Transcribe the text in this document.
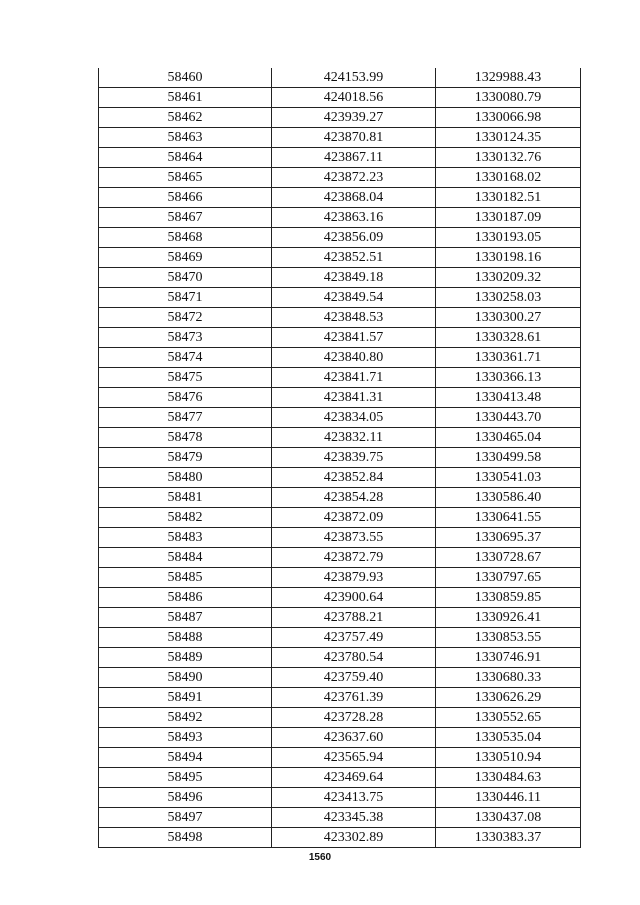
58460	424153.99	1329988.43
58461	424018.56	1330080.79
58462	423939.27	1330066.98
58463	423870.81	1330124.35
58464	423867.11	1330132.76
58465	423872.23	1330168.02
58466	423868.04	1330182.51
58467	423863.16	1330187.09
58468	423856.09	1330193.05
58469	423852.51	1330198.16
58470	423849.18	1330209.32
58471	423849.54	1330258.03
58472	423848.53	1330300.27
58473	423841.57	1330328.61
58474	423840.80	1330361.71
58475	423841.71	1330366.13
58476	423841.31	1330413.48
58477	423834.05	1330443.70
58478	423832.11	1330465.04
58479	423839.75	1330499.58
58480	423852.84	1330541.03
58481	423854.28	1330586.40
58482	423872.09	1330641.55
58483	423873.55	1330695.37
58484	423872.79	1330728.67
58485	423879.93	1330797.65
58486	423900.64	1330859.85
58487	423788.21	1330926.41
58488	423757.49	1330853.55
58489	423780.54	1330746.91
58490	423759.40	1330680.33
58491	423761.39	1330626.29
58492	423728.28	1330552.65
58493	423637.60	1330535.04
58494	423565.94	1330510.94
58495	423469.64	1330484.63
58496	423413.75	1330446.11
58497	423345.38	1330437.08
58498	423302.89	1330383.37
1560
